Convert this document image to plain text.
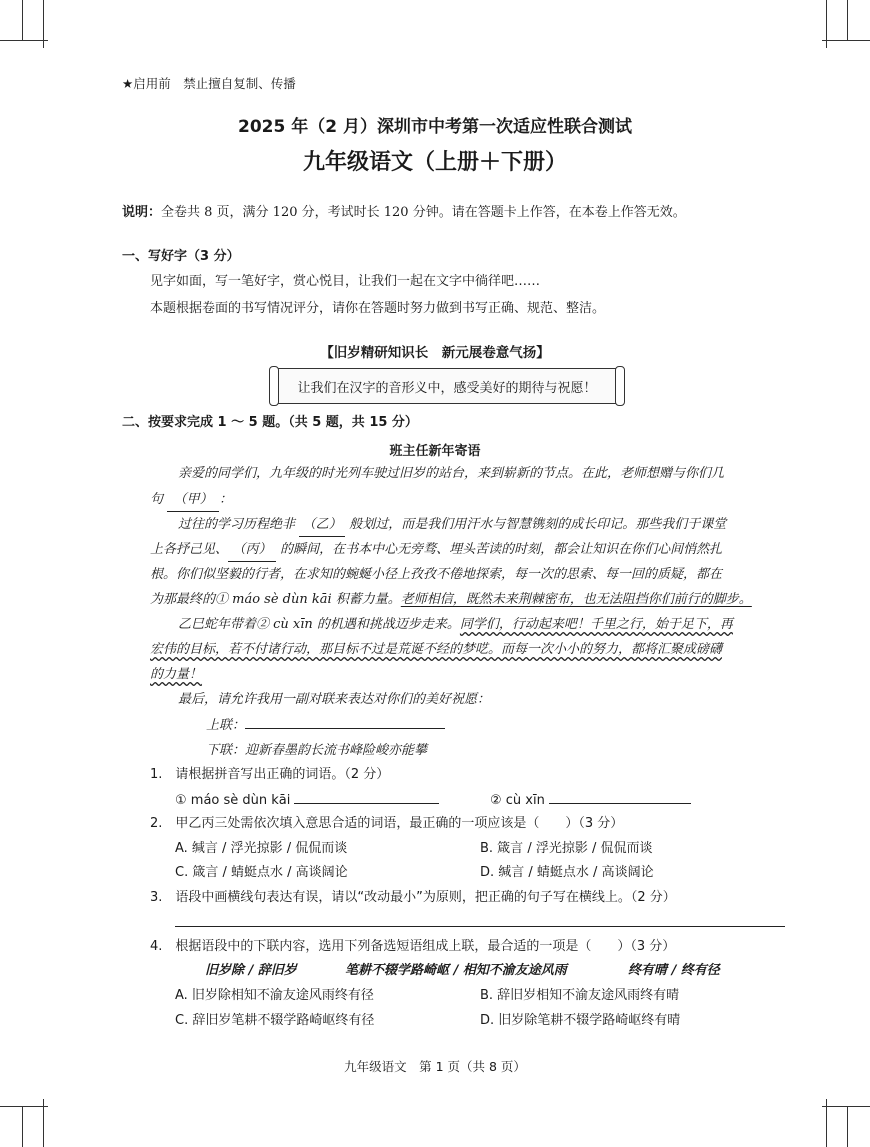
★启用前　禁止擅自复制、传播
2025 年（2 月）深圳市中考第一次适应性联合测试
九年级语文（上册＋下册）
说明：全卷共 8 页，满分 120 分，考试时长 120 分钟。请在答题卡上作答，在本卷上作答无效。
一、写好字（3 分）
见字如面，写一笔好字，赏心悦目，让我们一起在文字中徜徉吧……
本题根据卷面的书写情况评分，请你在答题时努力做到书写正确、规范、整洁。
【旧岁精研知识长　新元展卷意气扬】
让我们在汉字的音形义中，感受美好的期待与祝愿！
二、按要求完成 1 ～ 5 题。（共 5 题，共 15 分）
班主任新年寄语
亲爱的同学们，九年级的时光列车驶过旧岁的站台，来到崭新的节点。在此，老师想赠与你们几
句 （甲） ：
过往的学习历程绝非 （乙） 般划过，而是我们用汗水与智慧镌刻的成长印记。那些我们于课堂
上各抒己见、 （丙） 的瞬间，在书本中心无旁骛、埋头苦读的时刻，都会让知识在你们心间悄然扎
根。你们似坚毅的行者，在求知的蜿蜒小径上孜孜不倦地探索，每一次的思索、每一回的质疑，都在
为那最终的① máo sè dùn kāi 积蓄力量。老师相信，既然未来荆棘密布，也无法阻挡你们前行的脚步。
乙巳蛇年带着② cù xīn 的机遇和挑战迈步走来。同学们，行动起来吧！千里之行，始于足下，再
宏伟的目标，若不付诸行动，那目标不过是荒诞不经的梦呓。而每一次小小的努力，都将汇聚成磅礴
的力量！
最后，请允许我用一副对联来表达对你们的美好祝愿：
上联：
下联：迎新春墨韵长流书峰险峻亦能攀
1.　请根据拼音写出正确的词语。（2 分）
① máo sè dùn kāi	② cù xīn
2.　甲乙丙三处需依次填入意思合适的词语，最正确的一项应该是（　　）（3 分）
A. 缄言 / 浮光掠影 / 侃侃而谈	B. 箴言 / 浮光掠影 / 侃侃而谈
C. 箴言 / 蜻蜓点水 / 高谈阔论	D. 缄言 / 蜻蜓点水 / 高谈阔论
3.　语段中画横线句表达有误，请以“改动最小”为原则，把正确的句子写在横线上。（2 分）
4.　根据语段中的下联内容，选用下列备选短语组成上联，最合适的一项是（　　）（3 分）
旧岁除 / 辞旧岁	笔耕不辍学路崎岖 / 相知不渝友途风雨	终有晴 / 终有径
A. 旧岁除相知不渝友途风雨终有径	B. 辞旧岁相知不渝友途风雨终有晴
C. 辞旧岁笔耕不辍学路崎岖终有径	D. 旧岁除笔耕不辍学路崎岖终有晴
九年级语文　第 1 页（共 8 页）
